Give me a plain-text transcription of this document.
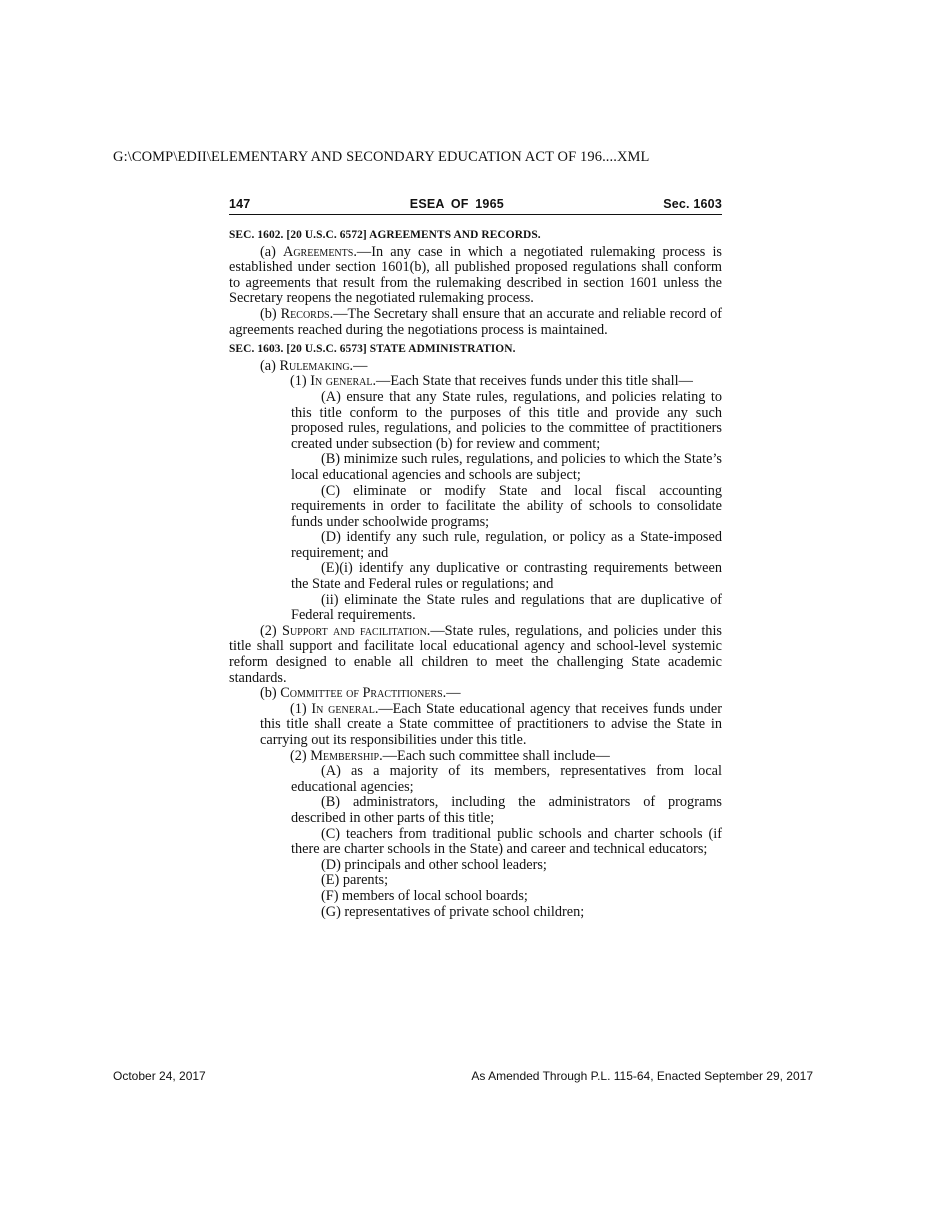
G:\COMP\EDII\ELEMENTARY AND SECONDARY EDUCATION ACT OF 196....XML
147	ESEA OF 1965	Sec. 1603

SEC. 1602. [20 U.S.C. 6572] AGREEMENTS AND RECORDS.

(a) Agreements.—In any case in which a negotiated rulemaking process is established under section 1601(b), all published proposed regulations shall conform to agreements that result from the rulemaking described in section 1601 unless the Secretary reopens the negotiated rulemaking process.

(b) Records.—The Secretary shall ensure that an accurate and reliable record of agreements reached during the negotiations process is maintained.

SEC. 1603. [20 U.S.C. 6573] STATE ADMINISTRATION.

(a) Rulemaking.—

(1) In general.—Each State that receives funds under this title shall—

(A) ensure that any State rules, regulations, and policies relating to this title conform to the purposes of this title and provide any such proposed rules, regulations, and policies to the committee of practitioners created under subsection (b) for review and comment;

(B) minimize such rules, regulations, and policies to which the State’s local educational agencies and schools are subject;

(C) eliminate or modify State and local fiscal accounting requirements in order to facilitate the ability of schools to consolidate funds under schoolwide programs;

(D) identify any such rule, regulation, or policy as a State-imposed requirement; and

(E)(i) identify any duplicative or contrasting requirements between the State and Federal rules or regulations; and

(ii) eliminate the State rules and regulations that are duplicative of Federal requirements.

(2) Support and facilitation.—State rules, regulations, and policies under this title shall support and facilitate local educational agency and school-level systemic reform designed to enable all children to meet the challenging State academic standards.

(b) Committee of Practitioners.—

(1) In general.—Each State educational agency that receives funds under this title shall create a State committee of practitioners to advise the State in carrying out its responsibilities under this title.

(2) Membership.—Each such committee shall include—

(A) as a majority of its members, representatives from local educational agencies;

(B) administrators, including the administrators of programs described in other parts of this title;

(C) teachers from traditional public schools and charter schools (if there are charter schools in the State) and career and technical educators;

(D) principals and other school leaders;

(E) parents;

(F) members of local school boards;

(G) representatives of private school children;

October 24, 2017	As Amended Through P.L. 115-64, Enacted September 29, 2017
